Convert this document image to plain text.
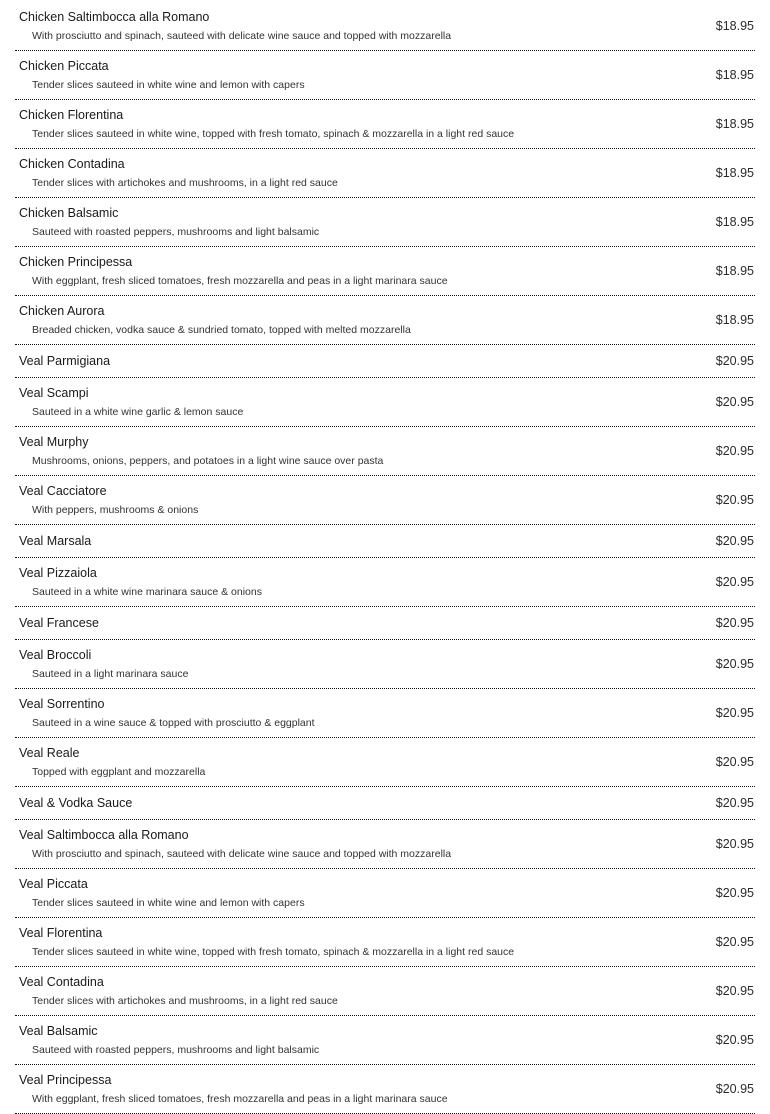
Chicken Saltimbocca alla Romano
With prosciutto and spinach, sauteed with delicate wine sauce and topped with mozzarella
$18.95
Chicken Piccata
Tender slices sauteed in white wine and lemon with capers
$18.95
Chicken Florentina
Tender slices sauteed in white wine, topped with fresh tomato, spinach & mozzarella in a light red sauce
$18.95
Chicken Contadina
Tender slices with artichokes and mushrooms, in a light red sauce
$18.95
Chicken Balsamic
Sauteed with roasted peppers, mushrooms and light balsamic
$18.95
Chicken Principessa
With eggplant, fresh sliced tomatoes, fresh mozzarella and peas in a light marinara sauce
$18.95
Chicken Aurora
Breaded chicken, vodka sauce & sundried tomato, topped with melted mozzarella
$18.95
Veal Parmigiana	$20.95
Veal Scampi
Sauteed in a white wine garlic & lemon sauce
$20.95
Veal Murphy
Mushrooms, onions, peppers, and potatoes in a light wine sauce over pasta
$20.95
Veal Cacciatore
With peppers, mushrooms & onions
$20.95
Veal Marsala	$20.95
Veal Pizzaiola
Sauteed in a white wine marinara sauce & onions
$20.95
Veal Francese	$20.95
Veal Broccoli
Sauteed in a light marinara sauce
$20.95
Veal Sorrentino
Sauteed in a wine sauce & topped with prosciutto & eggplant
$20.95
Veal Reale
Topped with eggplant and mozzarella
$20.95
Veal & Vodka Sauce	$20.95
Veal Saltimbocca alla Romano
With prosciutto and spinach, sauteed with delicate wine sauce and topped with mozzarella
$20.95
Veal Piccata
Tender slices sauteed in white wine and lemon with capers
$20.95
Veal Florentina
Tender slices sauteed in white wine, topped with fresh tomato, spinach & mozzarella in a light red sauce
$20.95
Veal Contadina
Tender slices with artichokes and mushrooms, in a light red sauce
$20.95
Veal Balsamic
Sauteed with roasted peppers, mushrooms and light balsamic
$20.95
Veal Principessa
With eggplant, fresh sliced tomatoes, fresh mozzarella and peas in a light marinara sauce
$20.95
